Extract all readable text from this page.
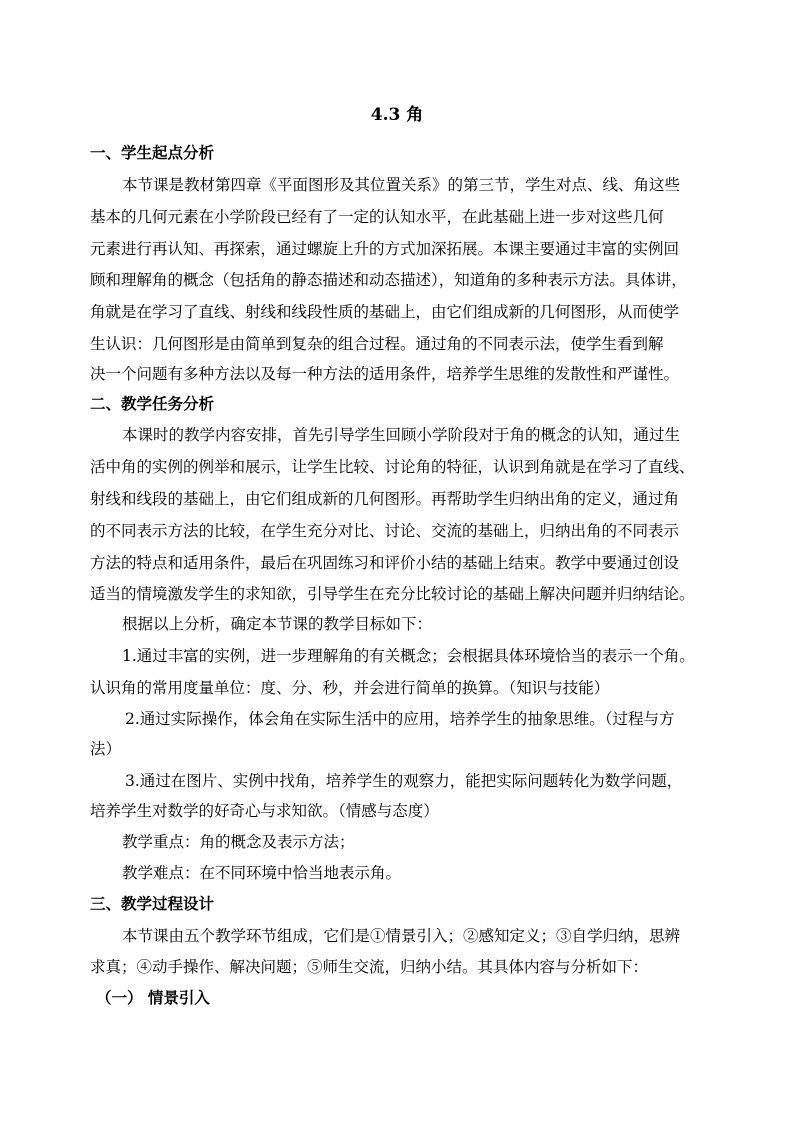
4.3 角
一、学生起点分析
本节课是教材第四章《平面图形及其位置关系》的第三节，学生对点、线、角这些
基本的几何元素在小学阶段已经有了一定的认知水平，在此基础上进一步对这些几何
元素进行再认知、再探索，通过螺旋上升的方式加深拓展。本课主要通过丰富的实例回
顾和理解角的概念（包括角的静态描述和动态描述），知道角的多种表示方法。具体讲，
角就是在学习了直线、射线和线段性质的基础上，由它们组成新的几何图形，从而使学
生认识：几何图形是由简单到复杂的组合过程。通过角的不同表示法，使学生看到解
决一个问题有多种方法以及每一种方法的适用条件，培养学生思维的发散性和严谨性。
二、教学任务分析
本课时的教学内容安排，首先引导学生回顾小学阶段对于角的概念的认知，通过生
活中角的实例的例举和展示，让学生比较、讨论角的特征，认识到角就是在学习了直线、
射线和线段的基础上，由它们组成新的几何图形。再帮助学生归纳出角的定义，通过角
的不同表示方法的比较，在学生充分对比、讨论、交流的基础上，归纳出角的不同表示
方法的特点和适用条件，最后在巩固练习和评价小结的基础上结束。教学中要通过创设
适当的情境激发学生的求知欲，引导学生在充分比较讨论的基础上解决问题并归纳结论。
根据以上分析，确定本节课的教学目标如下：
1.通过丰富的实例，进一步理解角的有关概念；会根据具体环境恰当的表示一个角。
认识角的常用度量单位：度、分、秒，并会进行简单的换算。（知识与技能）
2.通过实际操作，体会角在实际生活中的应用，培养学生的抽象思维。（过程与方
法）
3.通过在图片、实例中找角，培养学生的观察力，能把实际问题转化为数学问题，
培养学生对数学的好奇心与求知欲。（情感与态度）
教学重点：角的概念及表示方法；
教学难点：在不同环境中恰当地表示角。
三、教学过程设计
本节课由五个教学环节组成，它们是①情景引入；②感知定义；③自学归纳，思辨
求真；④动手操作、解决问题；⑤师生交流，归纳小结。其具体内容与分析如下：
（一） 情景引入
